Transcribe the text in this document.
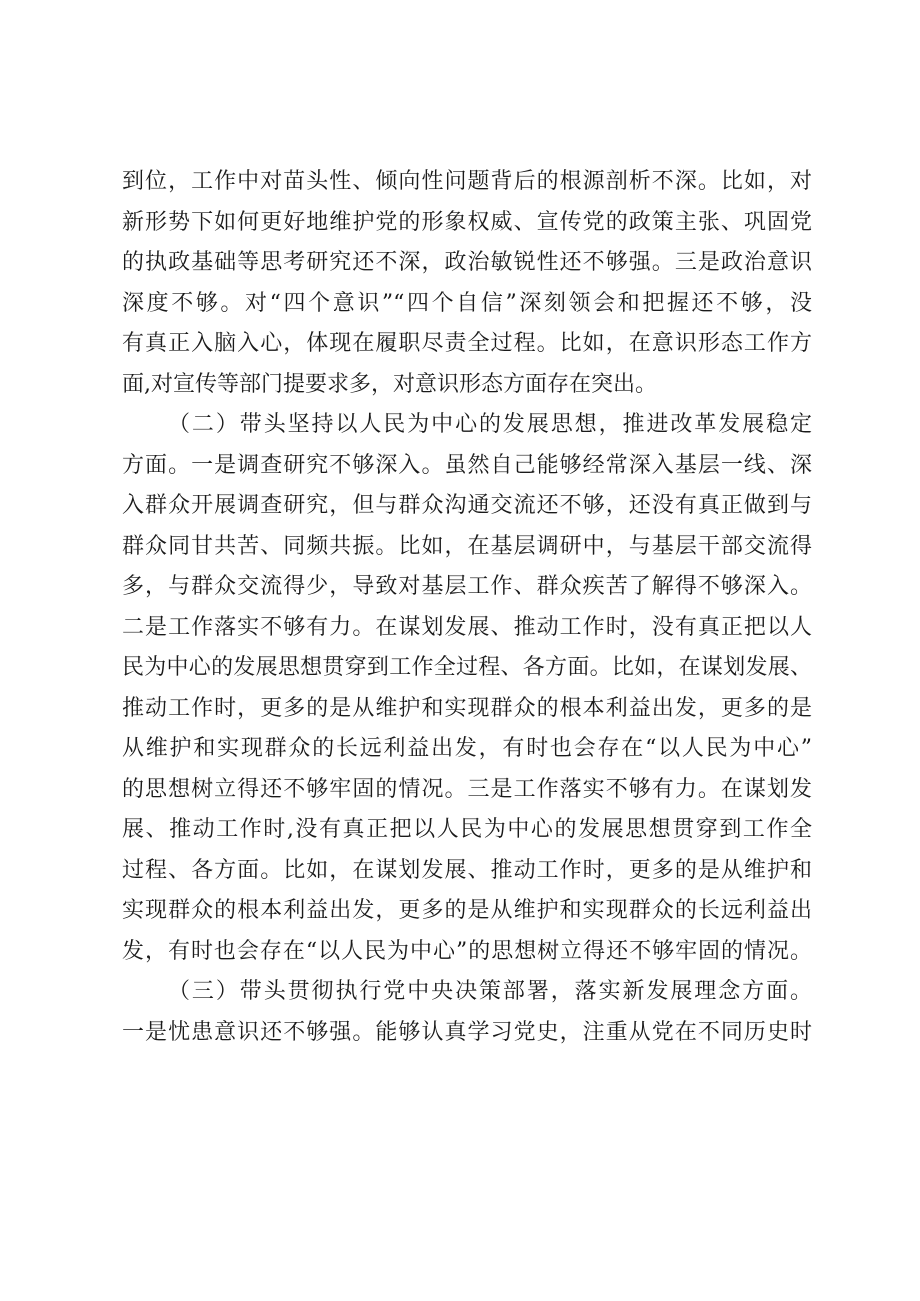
到位，工作中对苗头性、倾向性问题背后的根源剖析不深。比如，对
新形势下如何更好地维护党的形象权威、宣传党的政策主张、巩固党
的执政基础等思考研究还不深，政治敏锐性还不够强。三是政治意识
深度不够。对“四个意识”“四个自信”深刻领会和把握还不够，没
有真正入脑入心，体现在履职尽责全过程。比如，在意识形态工作方
面,对宣传等部门提要求多，对意识形态方面存在突出。
（二）带头坚持以人民为中心的发展思想，推进改革发展稳定
方面。一是调查研究不够深入。虽然自己能够经常深入基层一线、深
入群众开展调查研究，但与群众沟通交流还不够，还没有真正做到与
群众同甘共苦、同频共振。比如，在基层调研中，与基层干部交流得
多，与群众交流得少，导致对基层工作、群众疾苦了解得不够深入。
二是工作落实不够有力。在谋划发展、推动工作时，没有真正把以人
民为中心的发展思想贯穿到工作全过程、各方面。比如，在谋划发展、
推动工作时，更多的是从维护和实现群众的根本利益出发，更多的是
从维护和实现群众的长远利益出发，有时也会存在“以人民为中心”
的思想树立得还不够牢固的情况。三是工作落实不够有力。在谋划发
展、推动工作时,没有真正把以人民为中心的发展思想贯穿到工作全
过程、各方面。比如，在谋划发展、推动工作时，更多的是从维护和
实现群众的根本利益出发，更多的是从维护和实现群众的长远利益出
发，有时也会存在“以人民为中心”的思想树立得还不够牢固的情况。
（三）带头贯彻执行党中央决策部署，落实新发展理念方面。
一是忧患意识还不够强。能够认真学习党史，注重从党在不同历史时
